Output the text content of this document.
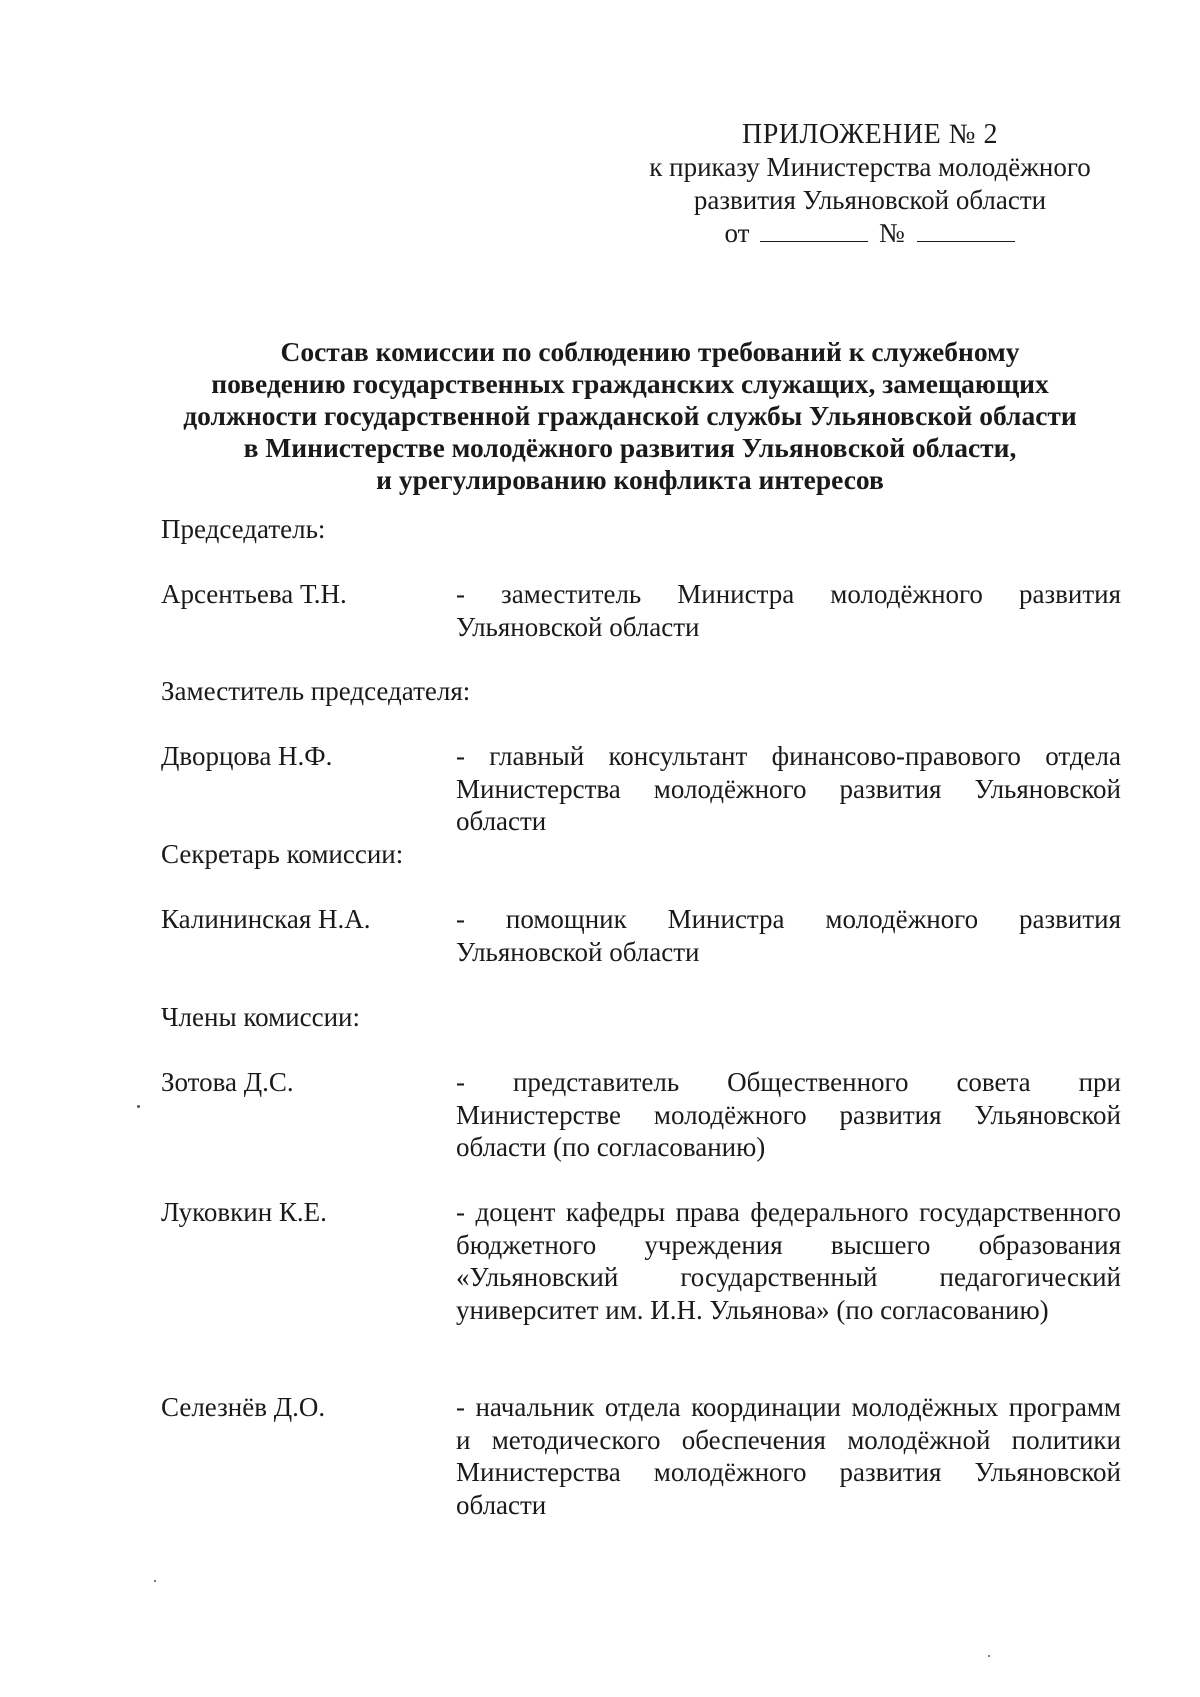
ПРИЛОЖЕНИЕ № 2
к приказу Министерства молодёжного
развития Ульяновской области
от	№
Состав комиссии по соблюдению требований к служебному
поведению государственных гражданских служащих, замещающих
должности государственной гражданской службы Ульяновской области
в Министерстве молодёжного развития Ульяновской области,
и урегулированию конфликта интересов
Председатель:
Арсентьева Т.Н.	- заместитель Министра молодёжного развития Ульяновской области
Заместитель председателя:
Дворцова Н.Ф.	- главный консультант финансово-правового отдела Министерства молодёжного развития Ульяновской области
Секретарь комиссии:
Калининская Н.А.	- помощник Министра молодёжного развития Ульяновской области
Члены комиссии:
Зотова Д.С.	- представитель Общественного совета при Министерстве молодёжного развития Ульяновской области (по согласованию)
Луковкин К.Е.	- доцент кафедры права федерального государственного бюджетного учреждения высшего образования «Ульяновский государственный педагогический университет им. И.Н. Ульянова» (по согласованию)
Селезнёв Д.О.	- начальник отдела координации молодёжных программ и методического обеспечения молодёжной политики Министерства молодёжного развития Ульяновской области
